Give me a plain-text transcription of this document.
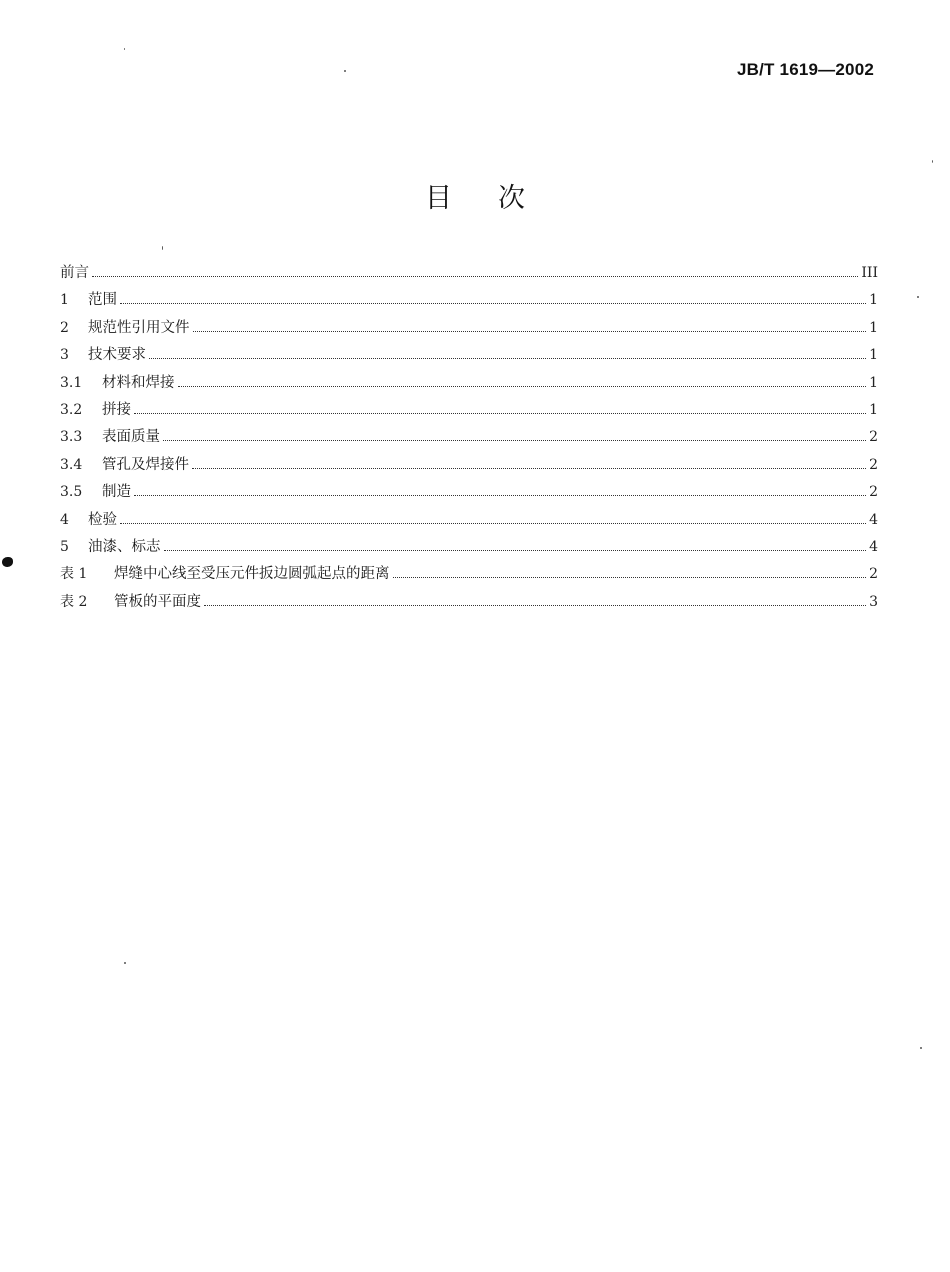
JB/T 1619—2002
目次
前言	III
1	范围	1
2	规范性引用文件	1
3	技术要求	1
3.1	材料和焊接	1
3.2	拼接	1
3.3	表面质量	2
3.4	管孔及焊接件	2
3.5	制造	2
4	检验	4
5	油漆、标志	4
表 1	焊缝中心线至受压元件扳边圆弧起点的距离	2
表 2	管板的平面度	3
